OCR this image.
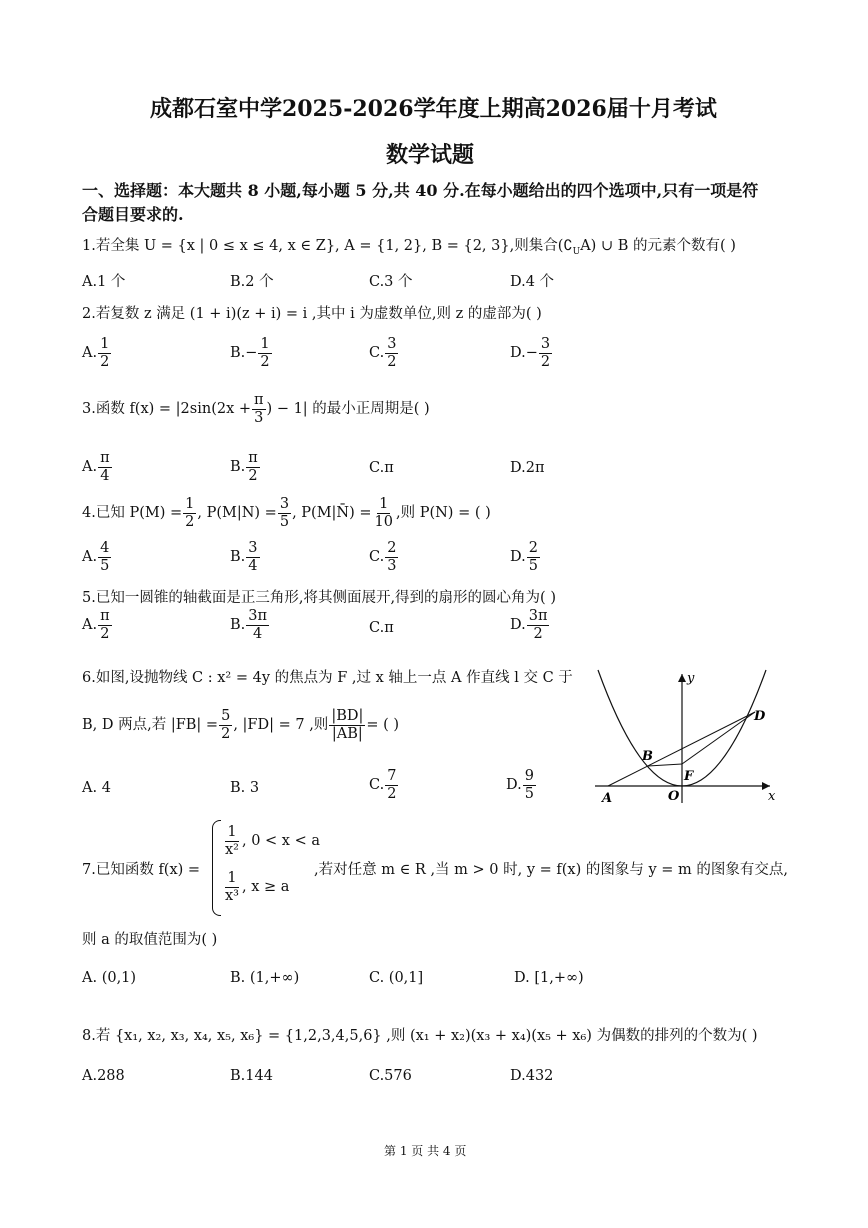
成都石室中学2025-2026学年度上期高2026届十月考试
数学试题
一、选择题：本大题共 8 小题,每小题 5 分,共 40 分.在每小题给出的四个选项中,只有一项是符
合题目要求的.
1.若全集 U = {x | 0 ≤ x ≤ 4, x ∈ Z}, A = {1, 2}, B = {2, 3},则集合$(∁_UA)$ ∪ B 的元素个数有( )
A.1 个	B.2 个	C.3 个	D.4 个
2.若复数 z 满足 (1 + i)(z + i) = i ,其中 i 为虚数单位,则 z 的虚部为( )
A. $\frac{1}{2}$	$B.- \frac{1}{2}$	C. $\frac{3}{2}$	$D.- \frac{3}{2}$
3.函数 $f(x) = |2\sin(2x + \frac{\pi}{3}$ ) − 1| 的最小正周期是( )
A. $\frac{\pi}{4}$	B. $\frac{\pi}{2}$	C.π	D.2π
4.已知 $P(M) = \frac{1}{2}$ , $P(M|N) = \frac{3}{5}$ , P(M|N̄) = $\frac{1}{10}$ ,则 P(N) = ( )
A. $\frac{4}{5}$	B. $\frac{3}{4}$	C. $\frac{2}{3}$	D. $\frac{2}{5}$
5.已知一圆锥的轴截面是正三角形,将其侧面展开,得到的扇形的圆心角为( )
A. $\frac{\pi}{2}$	B. $\frac{3\pi}{4}$	C.π	D. $\frac{3\pi}{2}$
6.如图,设抛物线 C : x² = 4y 的焦点为 F ,过 x 轴上一点 A 作直线 l 交 C 于
B, D 两点,若 $|FB| = \frac{5}{2}$ , |FD| = 7 ,则 $\frac{|BD|}{|AB|}$ = ( )
A. 4	B. 3	C. $\frac{7}{2}$	D. $\frac{9}{5}$
y
x
D
B
F
A	O
7.已知函数 f(x) =
$\frac{1}{\text{x²}}$ , 0 < x < a
$\frac{1}{\text{x³}}$ , x ≥ a
,若对任意 m ∈ R ,当 m > 0 时, y = f(x) 的图象与 y = m 的图象有交点,
则 a 的取值范围为( )
A. (0,1)	B. (1,+∞)	C. (0,1]	D. [1,+∞)
8.若 {x₁, x₂, x₃, x₄, x₅, x₆} = {1,2,3,4,5,6} ,则 (x₁ + x₂)(x₃ + x₄)(x₅ + x₆) 为偶数的排列的个数为( )
A.288	B.144	C.576	D.432
第 1 页 共 4 页
